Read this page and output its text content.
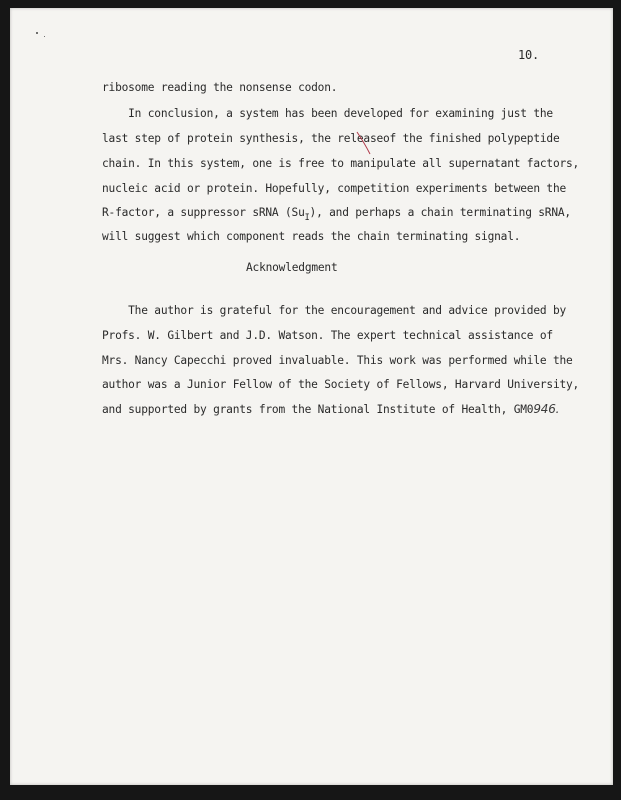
10.
ribosome reading the nonsense codon.
In conclusion, a system has been developed for examining just the
last step of protein synthesis, the releaseof the finished polypeptide
chain. In this system, one is free to manipulate all supernatant factors,
nucleic acid or protein. Hopefully, competition experiments between the
R-factor, a suppressor sRNA $(Su_I)$, and perhaps a chain terminating sRNA,
will suggest which component reads the chain terminating signal.
Acknowledgment
The author is grateful for the encouragement and advice provided by
Profs. W. Gilbert and J.D. Watson. The expert technical assistance of
Mrs. Nancy Capecchi proved invaluable. This work was performed while the
author was a Junior Fellow of the Society of Fellows, Harvard University,
and supported by grants from the National Institute of Health, GM0946.
